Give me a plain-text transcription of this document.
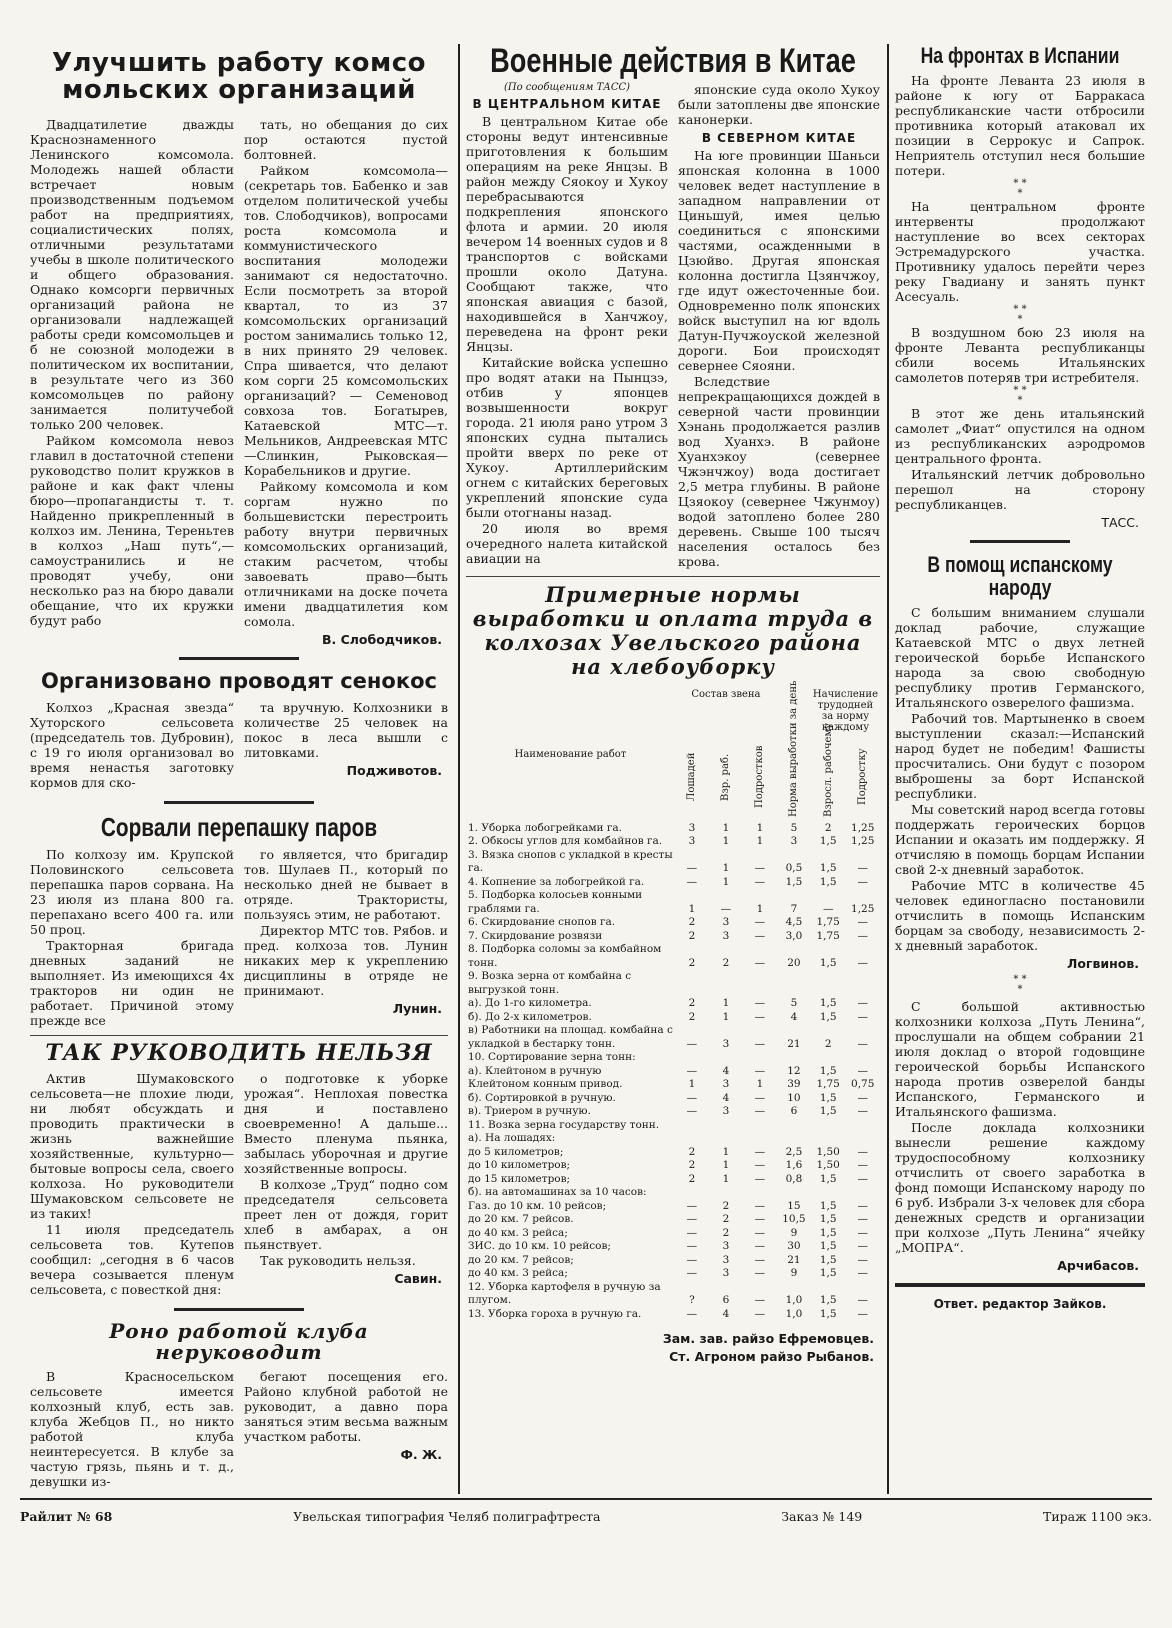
Улучшить работу комсо мольских организаций

Двадцатилетие дважды Краснознаменного Ленинского комсомола. Молодежь нашей области встречает новым производственным подъемом работ на предприятиях, социалистических полях, отличными результатами учебы в школе политического и общего образования. Однако комсорги первичных организаций района не организовали надлежащей работы среди комсомольцев и б не союзной молодежи в политическом их воспитании, в результате чего из 360 комсомольцев по району занимается политучебой только 200 человек.

Райком комсомола невоз главил в достаточной степени руководство полит кружков в районе и как факт члены бюро—пропагандисты т. т. Найденно прикрепленный в колхоз им. Ленина, Тереньтев в колхоз „Наш путь“,—самоустранились и не проводят учебу, они несколько раз на бюро давали обещание, что их кружки будут рабо

тать, но обещания до сих пор остаются пустой болтовней.

Райком комсомола—(секретарь тов. Бабенко и зав отделом политической учебы тов. Слободчиков), вопросами роста комсомола и коммунистического воспитания молодежи занимают ся недостаточно. Если посмотреть за второй квартал, то из 37 комсомольских организаций ростом занимались только 12, в них принято 29 человек. Спра шивается, что делают ком сорги 25 комсомольских организаций? — Семеновод совхоза тов. Богатырев, Катаевской МТС—т. Мельников, Андреевская МТС —Слинкин, Рыковская—Корабельников и другие.

Райкому комсомола и ком соргам нужно по большевистски перестроить работу внутри первичных комсомольских организаций, стаким расчетом, чтобы завоевать право—быть отличниками на доске почета имени двадцатилетия ком сомола.

В. Слободчиков.
Организовано проводят сенокос

Колхоз „Красная звезда“ Хуторского сельсовета (председатель тов. Дубровин), с 19 го июля организовал во время ненастья заготовку кормов для ско-

та вручную. Колхозники в количестве 25 человек на покос в леса вышли с литовками.

Подживотов.
Сорвали перепашку паров

По колхозу им. Крупской Половинского сельсовета перепашка паров сорвана. На 23 июля из плана 800 га. перепахано всего 400 га. или 50 проц.

Тракторная бригада дневных заданий не выполняет. Из имеющихся 4х тракторов ни один не работает. Причиной этому прежде все

го является, что бригадир тов. Шулаев П., который по несколько дней не бывает в отряде. Трактористы, пользуясь этим, не работают.

Директор МТС тов. Рябов. и пред. колхоза тов. Лунин никаких мер к укреплению дисциплины в отряде не принимают.

Лунин.
ТАК РУКОВОДИТЬ НЕЛЬЗЯ

Актив Шумаковского сельсовета—не плохие люди, ни любят обсуждать и проводить практически в жизнь важнейшие хозяйственные, культурно—бытовые вопросы села, своего колхоза. Но руководители Шумаковском сельсовете не из таких!

11 июля председатель сельсовета тов. Кутепов сообщил: „сегодня в 6 часов вечера созывается пленум сельсовета, с повесткой дня:

о подготовке к уборке урожая“. Неплохая повестка дня и поставлено своевременно! А дальше... Вместо пленума пьянка, забылась уборочная и другие хозяйственные вопросы.

В колхозе „Труд“ подно сом председателя сельсовета преет лен от дождя, горит хлеб в амбарах, а он пьянствует.

Так руководить нельзя.

Савин.
Роно работой клуба неруководит

В Красносельском сельсовете имеется колхозный клуб, есть зав. клуба Жебцов П., но никто работой клуба неинтересуется. В клубе за частую грязь, пьянь и т. д., девушки из-

бегают посещения его. Районо клубной работой не руководит, а давно пора заняться этим весьма важным участком работы.

Ф. Ж.
Военные действия в Китае
(По сообщениям ТАСС)
В ЦЕНТРАЛЬНОМ КИТАЕ

В центральном Китае обе стороны ведут интенсивные приготовления к большим операциям на реке Янцзы. В район между Сяокоу и Хукоу перебрасываются подкрепления японского флота и армии. 20 июля вечером 14 военных судов и 8 транспортов с войсками прошли около Датуна. Сообщают также, что японская авиация с базой, находившейся в Ханчжоу, переведена на фронт реки Янцзы.

Китайские войска успешно про водят атаки на Пынцзэ, отбив у японцев возвышенности вокруг города. 21 июля рано утром 3 японских судна пытались пройти вверх по реке от Хукоу. Артиллерийским огнем с китайских береговых укреплений японские суда были отогнаны назад.

20 июля во время очередного налета китайской авиации на

японские суда около Хукоу были затоплены две японские канонерки.

В СЕВЕРНОМ КИТАЕ

На юге провинции Шаньси японская колонна в 1000 человек ведет наступление в западном направлении от Циньшуй, имея целью соединиться с японскими частями, осажденными в Цзюйво. Другая японская колонна достигла Цзянчжоу, где идут ожесточенные бои. Одновременно полк японских войск выступил на юг вдоль Датун-Пучжоуской железной дороги. Бои происходят севернее Сяояни.

Вследствие непрекращающихся дождей в северной части провинции Хэнань продолжается разлив вод Хуанхэ. В районе Хуанхэкоу (севернее Чжэнчжоу) вода достигает 2,5 метра глубины. В районе Цзяокоу (севернее Чжунмоу) водой затоплено более 280 деревень. Свыше 100 тысяч населения осталось без крова.

Примерные нормы выработки и оплата труда в колхозах Увельского района на хлебоуборку
Наименование работ	Состав звена			Норма выработки за день	Начисление трудодней за норму каждому	
	Лошадей	Взр. раб.	Подростков		Взросл. рабочему	Подростку
1. Уборка лобогрейками га.	3	1	1	5	2	1,25
2. Обкосы углов для комбайнов га.	3	1	1	3	1,5	1,25
3. Вязка снопов с укладкой в кресты га.	—	1	—	0,5	1,5	—
4. Копнение за лобогрейкой га.	—	1	—	1,5	1,5	—
5. Подборка колосьев конными граблями га.	1	—	1	7	—	1,25
6. Скирдование снопов га.	2	3	—	4,5	1,75	—
7. Скирдование розвязи	2	3	—	3,0	1,75	—
8. Подборка соломы за комбайном тонн.	2	2	—	20	1,5	—
9. Возка зерна от комбайна с выгрузкой тонн.						
а). До 1-го километра.	2	1	—	5	1,5	—
б). До 2-х километров.	2	1	—	4	1,5	—
в) Работники на площад. комбайна с укладкой в бестарку тонн.	—	3	—	21	2	—
10. Сортирование зерна тонн:						
а). Клейтоном в ручную	—	4	—	12	1,5	—
Клейтоном конным привод.	1	3	1	39	1,75	0,75
б). Сортировкой в ручную.	—	4	—	10	1,5	—
в). Триером в ручную.	—	3	—	6	1,5	—
11. Возка зерна государству тонн.						
а). На лошадях:						
до 5 километров;	2	1	—	2,5	1,50	—
до 10 километров;	2	1	—	1,6	1,50	—
до 15 километров;	2	1	—	0,8	1,5	—
б). на автомашинах за 10 часов:						
Газ. до 10 км. 10 рейсов;	—	2	—	15	1,5	—
до 20 км. 7 рейсов.	—	2	—	10,5	1,5	—
до 40 км. 3 рейса;	—	2	—	9	1,5	—
ЗИС. до 10 км. 10 рейсов;	—	3	—	30	1,5	—
до 20 км. 7 рейсов;	—	3	—	21	1,5	—
до 40 км. 3 рейса;	—	3	—	9	1,5	—
12. Уборка картофеля в ручную за плугом.	?	6	—	1,0	1,5	—
13. Уборка гороха в ручную га.	—	4	—	1,0	1,5	—
Зам. зав. райзо Ефремовцев.
Ст. Агроном райзо Рыбанов.
На фронтах в Испании

На фронте Леванта 23 июля в районе к югу от Барракаса республиканские части отбросили противника который атаковал их позиции в Серрокус и Сапрок. Неприятель отступил неся большие потери.

* *
*

На центральном фронте интервенты продолжают наступление во всех секторах Эстремадурского участка. Противнику удалось перейти через реку Гвадиану и занять пункт Асесуаль.

* *
*

В воздушном бою 23 июля на фронте Леванта республиканцы сбили восемь Итальянских самолетов потеряв три истребителя.

* *
*

В этот же день итальянский самолет „Фиат“ опустился на одном из республиканских аэродромов центрального фронта.

Итальянский летчик добровольно перешол на сторону республиканцев.

ТАСС.
В помощ испанскому народу

С большим вниманием слушали доклад рабочие, служащие Катаевской МТС о двух летней героической борьбе Испанского народа за свою свободную республику против Германского, Итальянского озверелого фашизма.

Рабочий тов. Мартыненко в своем выступлении сказал:—Испанский народ будет не победим! Фашисты просчитались. Они будут с позором выброшены за борт Испанской республики.

Мы советский народ всегда готовы поддержать героических борцов Испании и оказать им поддержку. Я отчисляю в помощь борцам Испании свой 2-х дневный заработок.

Рабочие МТС в количестве 45 человек единогласно постановили отчислить в помощь Испанским борцам за свободу, независимость 2-х дневный заработок.

Логвинов.
* *
*

С большой активностью колхозники колхоза „Путь Ленина“, прослушали на общем собрании 21 июля доклад о второй годовщине героической борьбы Испанского народа против озверелой банды Испанского, Германского и Итальянского фашизма.

После доклада колхозники вынесли решение каждому трудоспособному колхознику отчислить от своего заработка в фонд помощи Испанскому народу по 6 руб. Избрали 3-х человек для сбора денежных средств и организации при колхозе „Путь Ленина“ ячейку „МОПРА“.

Арчибасов.
Ответ. редактор Зайков.
Райлит № 68	Увельская типография Челяб полиграфтреста	Заказ № 149	Тираж 1100 экз.
